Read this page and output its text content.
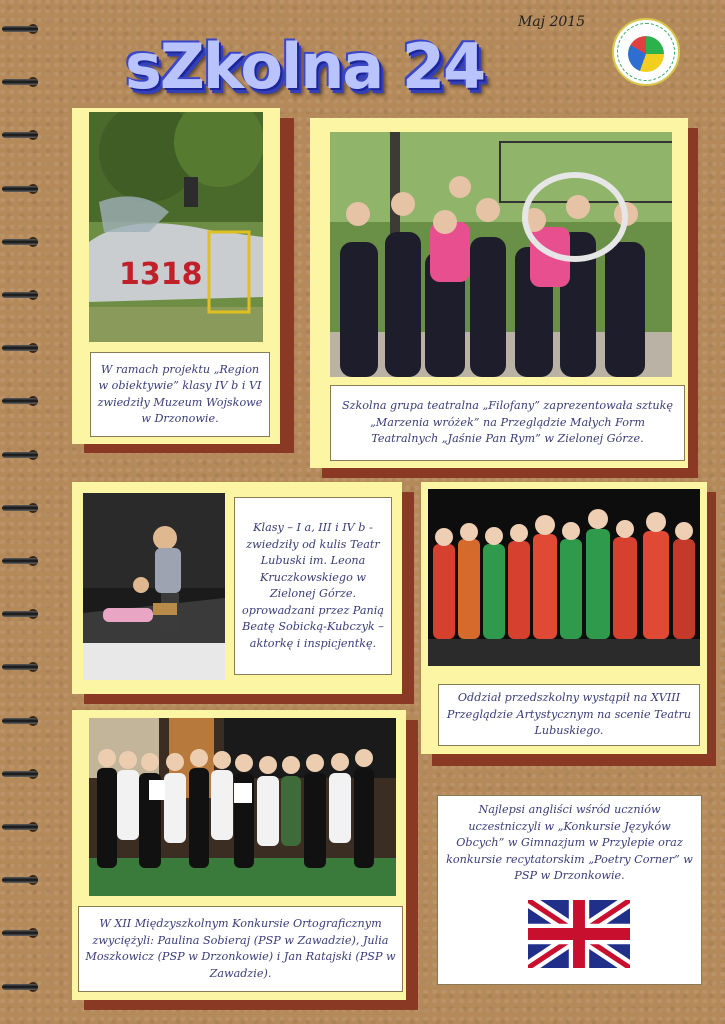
sZkolna 24
Maj 2015
1318
W ramach projektu „Region w obiektywie” klasy IV b i VI zwiedziły Muzeum Wojskowe w Drzonowie.
Szkolna grupa teatralna „Filofany” zaprezentowała sztukę „Marzenia wróżek” na Przeglądzie Małych Form Teatralnych „Jaśnie Pan Rym” w Zielonej Górze.
Klasy – I a, III i IV b - zwiedziły od kulis Teatr Lubuski im. Leona Kruczkowskiego w Zielonej Górze. oprowadzani przez Panią Beatę Sobicką-Kubczyk – aktorkę i inspicjentkę.
Oddział przedszkolny wystąpił na XVIII Przeglądzie Artystycznym na scenie Teatru Lubuskiego.
W XII Międzyszkolnym Konkursie Ortograficznym zwyciężyli: Paulina Sobieraj (PSP w Zawadzie), Julia Moszkowicz (PSP w Drzonkowie) i Jan Ratajski (PSP w Zawadzie).
Najlepsi angliści wśród uczniów uczestniczyli w „Konkursie Języków Obcych” w Gimnazjum w Przylepie oraz konkursie recytatorskim „Poetry Corner” w PSP w Drzonkowie.
